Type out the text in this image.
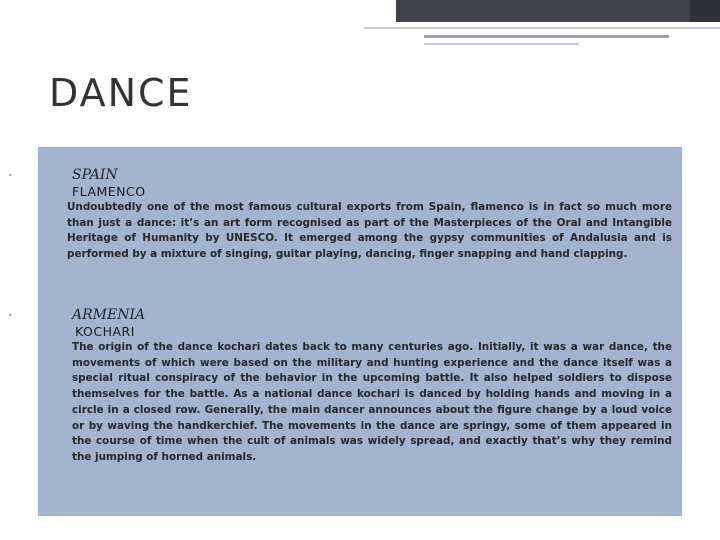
DANCE
•	SPAIN

FLAMENCO

Undoubtedly one of the most famous cultural exports from Spain, flamenco is in fact so much more than just a dance: it’s an art form recognised as part of the Masterpieces of the Oral and Intangible Heritage of Humanity by UNESCO. It emerged among the gypsy communities of Andalusia and is performed by a mixture of singing, guitar playing, dancing, finger snapping and hand clapping.

•	ARMENIA

KOCHARI

The origin of the dance kochari dates back to many centuries ago. Initially, it was a war dance, the movements of which were based on the military and hunting experience and the dance itself was a special ritual conspiracy of the behavior in the upcoming battle. It also helped soldiers to dispose themselves for the battle. As a national dance kochari is danced by holding hands and moving in a circle in a closed row. Generally, the main dancer announces about the figure change by a loud voice or by waving the handkerchief. The movements in the dance are springy, some of them appeared in the course of time when the cult of animals was widely spread, and exactly that’s why they remind the jumping of horned animals.
